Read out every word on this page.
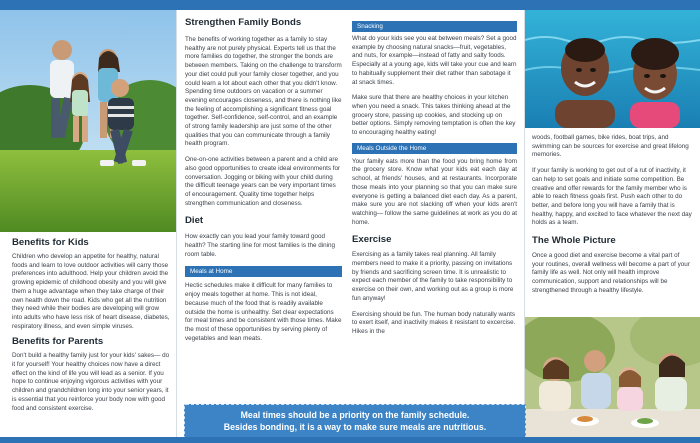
Benefits for Kids

Children who develop an appetite for healthy, natural foods and learn to love outdoor activities will carry those preferences into adulthood. Help your children avoid the growing epidemic of childhood obesity and you will give them a huge advantage when they take charge of their own health down the road. Kids who get all the nutrition they need while their bodies are developing will grow into adults who have less risk of heart disease, diabetes, respiratory illness, and even simple viruses.

Benefits for Parents

Don't build a healthy family just for your kids' sakes— do it for yourself! Your healthy choices now have a direct effect on the kind of life you will lead as a senior. If you hope to continue enjoying vigorous activities with your children and grandchildren long into your senior years, it is essential that you reinforce your body now with good food and consistent exercise.

Strengthen Family Bonds

The benefits of working together as a family to stay healthy are not purely physical. Experts tell us that the more families do together, the stronger the bonds are between members. Taking on the challenge to transform your diet could pull your family closer together, and you could learn a lot about each other that you didn't know. Spending time outdoors on vacation or a summer evening encourages closeness, and there is nothing like the feeling of accomplishing a significant fitness goal together. Self-confidence, self-control, and an example of strong family leadership are just some of the other qualities that you can communicate through a family health program.

One-on-one activities between a parent and a child are also good opportunities to create ideal environments for conversation. Jogging or biking with your child during the difficult teenage years can be very important times of encouragement. Quality time together helps strengthen communication and closeness.

Diet

How exactly can you lead your family toward good health? The starting line for most families is the dining room table.

Meals at Home

Hectic schedules make it difficult for many families to enjoy meals together at home. This is not ideal, because much of the food that is readily available outside the home is unhealthy. Set clear expectations for meal times and be consistent with those times. Make the most of these opportunities by serving plenty of vegetables and lean meats.

Snacking

What do your kids see you eat between meals? Set a good example by choosing natural snacks—fruit, vegetables, and nuts, for example—instead of fatty and salty foods. Especially at a young age, kids will take your cue and learn to habitually supplement their diet rather than sabotage it at snack times.

Make sure that there are healthy choices in your kitchen when you need a snack. This takes thinking ahead at the grocery store, passing up cookies, and stocking up on better options. Simply removing temptation is often the key to encouraging healthy eating!

Meals Outside the Home

Your family eats more than the food you bring home from the grocery store. Know what your kids eat each day at school, at friends' houses, and at restaurants. Incorporate those meals into your planning so that you can make sure everyone is getting a balanced diet each day. As a parent, make sure you are not slacking off when your kids aren't watching— follow the same guidelines at work as you do at home.

Exercise

Exercising as a family takes real planning. All family members need to make it a priority, passing on invitations by friends and sacrificing screen time. It is unrealistic to expect each member of the family to take responsibility to exercise on their own, and working out as a group is more fun anyway!

Exercising should be fun. The human body naturally wants to exert itself, and inactivity makes it resistant to excercise. Hikes in the

woods, football games, bike rides, boat trips, and swimming can be sources for exercise and great lifelong memories.

If your family is working to get out of a rut of inactivity, it can help to set goals and initiate some competition. Be creative and offer rewards for the family member who is able to reach fitness goals first. Push each other to do better, and before long you will have a family that is healthy, happy, and excited to face whatever the next day holds as a team.

The Whole Picture

Once a good diet and exercise become a vital part of your routines, overall wellness will become a part of your family life as well. Not only will health improve communication, support and relationships will be strengthened through a healthy lifestyle.

Meal times should be a priority on the family schedule.
Besides bonding, it is a way to make sure meals are nutritious.
